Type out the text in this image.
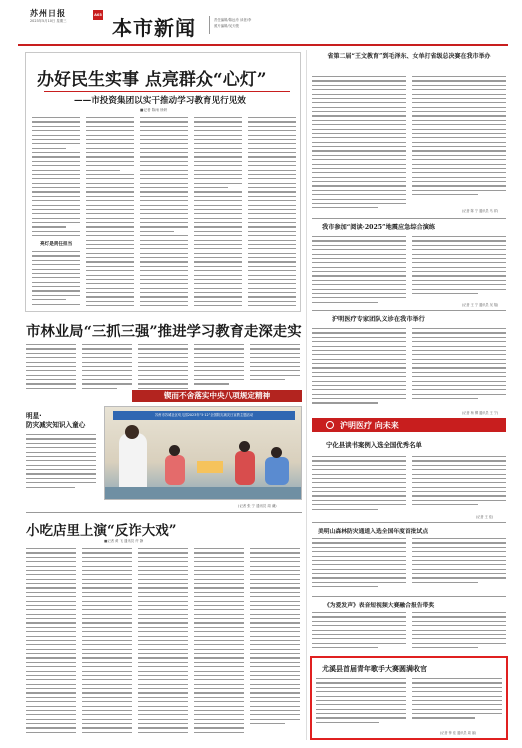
苏州日报
2023年5月10日 星期三
A03
本市新闻	责任编辑/陈远舟 读者/李
照片编辑/吴天骏
办好民生实事 点亮群众“心灯”
——市投资集团以实干推动学习教育见行见效
■记者 陈雨 徐妍
亮灯是责任担当
市林业局“三抓三强”推进学习教育走深走实
锲而不舍落实中央八项规定精神
明星·
防灾减灾知识入童心
苏州市苏城社区幼儿园2023年“5·12”全国防灾减灾日宣教主题活动
(记者 张 宁 通讯员 周 谦)
小吃店里上演“反诈大戏”
■记者 黄 飞 通讯员 许 静
省第二届“王文教育”到毛泽东、女单打省级总决赛在我市举办
(记者 陈 宁 通讯员 马 祥)
我市参加“阅读·2025”地震应急综合演练
(记者 王 宁 通讯员 吴 翔)
沪明医疗专家团队义诊在我市举行
(记者 杨 柳 通讯员 王 宁)
沪明医疗 向未来
宁化县读书案例入选全国优秀名单
(记者 王 佳)
美明山森林防灾通道入选全国年度首批试点
《为爱发声》表音短视频大赛融合报告带奖
尤溪县首届青年歌手大赛圆满收官
(记者 钟 佳 通讯员 周 丽)
